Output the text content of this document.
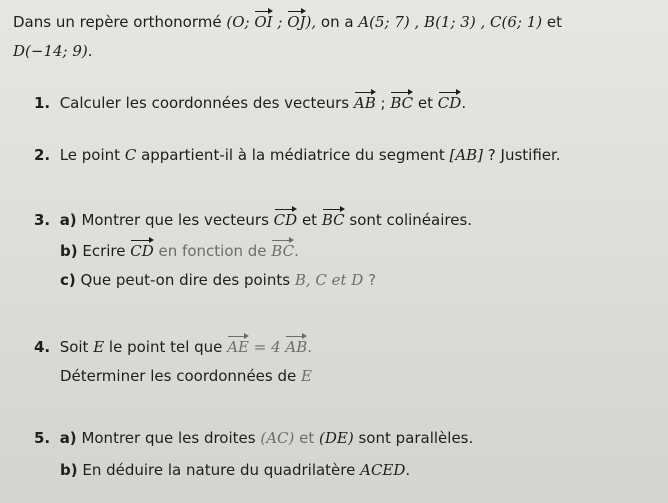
Dans un repère orthonormé (O; OI ; OJ), on a A(5; 7) , B(1; 3) , C(6; 1) et
D(−14; 9).
1. Calculer les coordonnées des vecteurs AB ; BC et CD.
2. Le point C appartient-il à la médiatrice du segment [AB] ? Justifier.
3. a) Montrer que les vecteurs CD et BC sont colinéaires.
b) Ecrire CD en fonction de BC.
c) Que peut-on dire des points B, C et D ?
4. Soit E le point tel que AE = 4 AB.
Déterminer les coordonnées de E
5. a) Montrer que les droites (AC) et (DE) sont parallèles.
b) En déduire la nature du quadrilatère ACED.
